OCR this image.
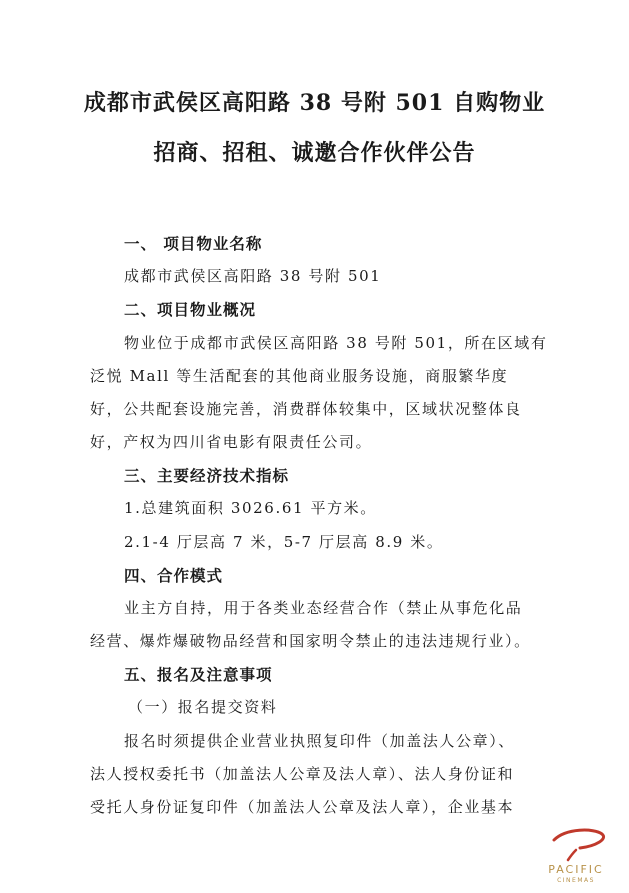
成都市武侯区高阳路 38 号附 501 自购物业
招商、招租、诚邀合作伙伴公告
一、 项目物业名称
成都市武侯区高阳路 38 号附 501
二、项目物业概况
物业位于成都市武侯区高阳路 38 号附 501，所在区域有
泛悦 Mall 等生活配套的其他商业服务设施，商服繁华度
好，公共配套设施完善，消费群体较集中，区域状况整体良
好，产权为四川省电影有限责任公司。
三、主要经济技术指标
1.总建筑面积 3026.61 平方米。
2.1-4 厅层高 7 米，5-7 厅层高 8.9 米。
四、合作模式
业主方自持，用于各类业态经营合作（禁止从事危化品
经营、爆炸爆破物品经营和国家明令禁止的违法违规行业）。
五、报名及注意事项
（一）报名提交资料
报名时须提供企业营业执照复印件（加盖法人公章）、
法人授权委托书（加盖法人公章及法人章）、法人身份证和
受托人身份证复印件（加盖法人公章及法人章），企业基本
PACIFIC
CINEMAS
